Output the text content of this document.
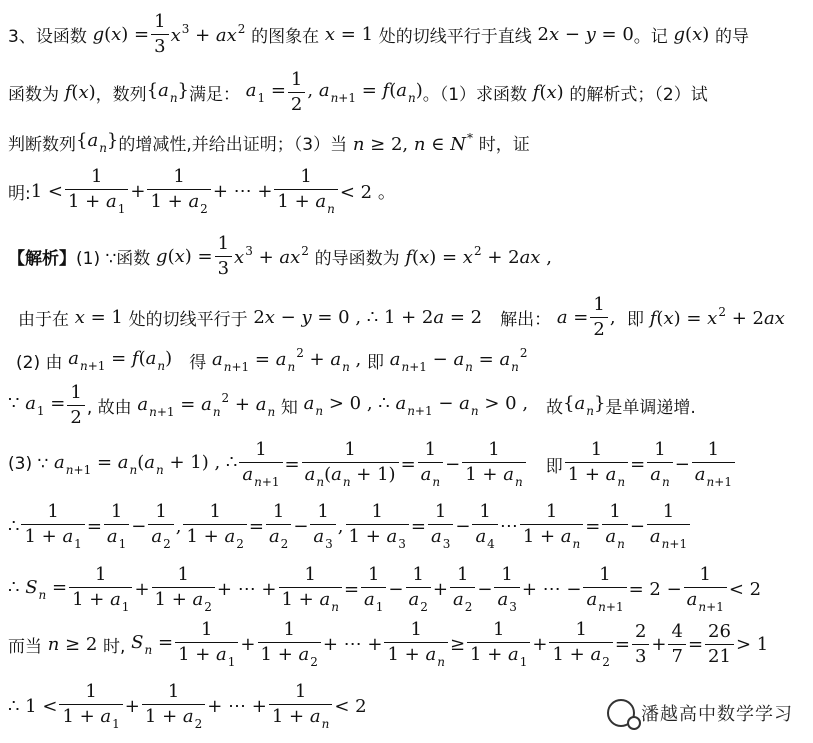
3、设函数 $g(x) = \frac{1}{3} x^3 + ax^2$ 的图象在 x = 1 处的切线平行于直线 2x − y = 0 。记 g(x) 的导
函数为 f(x) ，数列 $\{a_n\}$ 满足： $a_1 = \frac{1}{2}$ , $a_{n+1} = f(a_n)$ 。（1）求函数 f(x) 的解析式；（2）试
判断数列 $\{a_n\}$ 的增减性,并给出证明；（3）当 n ≥ 2, n ∈ N* 时，证
明: $1 < \frac{1}{1 + a_1} + \frac{1}{1 + a_2}$ + ⋯ + $\frac{1}{1 + a_n} < 2$ 。
【解析】 (1) ∵函数 $g(x) = \frac{1}{3} x^3 + ax^2$ 的导函数为 $f(x) = x^2 + 2ax$ ,
由于在 x = 1 处的切线平行于 2x − y = 0 , ∴ 1 + 2a = 2 解出： $a = \frac{1}{2}$ , 即 $f(x) = x^2 + 2ax$
(2) 由 $a_{n+1} = f(a_n)$ 得 $a_{n+1} = a_n^2 + a_n$ , 即 $a_{n+1} - a_n = a_n^2$
∵ $a_1 = \frac{1}{2}$ , 故由 $a_{n+1} = a_n^2 + a_n$ 知 $a_n > 0$ , ∴ $a_{n+1} - a_n > 0$ , 故 $\{a_n\}$ 是单调递增.
(3) ∵ $a_{n+1} = a_n(a_n + 1)$ , ∴ $\frac{1}{a_{n+1}} = \frac{1}{a_n(a_n + 1)} = \frac{1}{a_n} - \frac{1}{1 + a_n}$ 即 $\frac{1}{1 + a_n} = \frac{1}{a_n} - \frac{1}{a_{n+1}}$
∴ $\frac{1}{1 + a_1} = \frac{1}{a_1} - \frac{1}{a_2}$ , $\frac{1}{1 + a_2} = \frac{1}{a_2} - \frac{1}{a_3}$ , $\frac{1}{1 + a_3} = \frac{1}{a_3} - \frac{1}{a_4}$ ⋯ $\frac{1}{1 + a_n} = \frac{1}{a_n} - \frac{1}{a_{n+1}}$
∴ $S_n = \frac{1}{1 + a_1} + \frac{1}{1 + a_2}$ + ⋯ + $\frac{1}{1 + a_n} = \frac{1}{a_1} - \frac{1}{a_2} + \frac{1}{a_2} - \frac{1}{a_3}$ + ⋯ − $\frac{1}{a_{n+1}} = 2 - \frac{1}{a_{n+1}} < 2$
而当 n ≥ 2 时, $S_n = \frac{1}{1 + a_1} + \frac{1}{1 + a_2}$ + ⋯ + $\frac{1}{1 + a_n} \ge \frac{1}{1 + a_1} + \frac{1}{1 + a_2} = \frac{2}{3} + \frac{4}{7} = \frac{26}{21} > 1$
∴ $1 < \frac{1}{1 + a_1} + \frac{1}{1 + a_2}$ + ⋯ + $\frac{1}{1 + a_n} < 2$	潘越高中数学学习
